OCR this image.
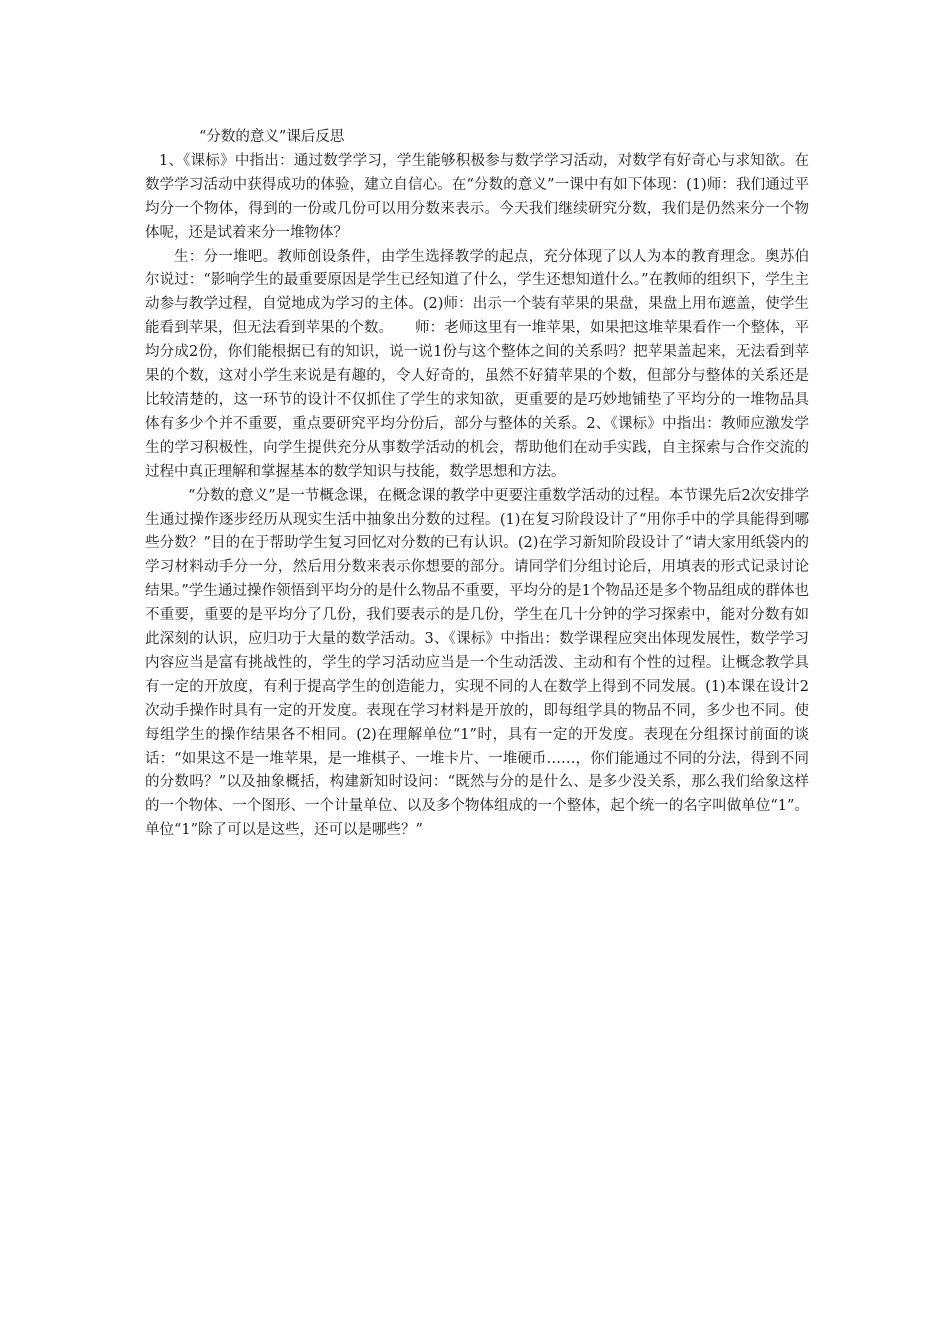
“分数的意义”课后反思

1、《课标》中指出：通过数学学习，学生能够积极参与数学学习活动，对数学有好奇心与求知欲。在数学学习活动中获得成功的体验，建立自信心。在“分数的意义”一课中有如下体现：(1)师：我们通过平均分一个物体，得到的一份或几份可以用分数来表示。今天我们继续研究分数，我们是仍然来分一个物体呢，还是试着来分一堆物体？

生：分一堆吧。教师创设条件，由学生选择教学的起点，充分体现了以人为本的教育理念。奥苏伯尔说过：“影响学生的最重要原因是学生已经知道了什么，学生还想知道什么。”在教师的组织下，学生主动参与教学过程，自觉地成为学习的主体。(2)师：出示一个装有苹果的果盘，果盘上用布遮盖，使学生能看到苹果，但无法看到苹果的个数。　　师：老师这里有一堆苹果，如果把这堆苹果看作一个整体，平均分成2份，你们能根据已有的知识，说一说1份与这个整体之间的关系吗？把苹果盖起来，无法看到苹果的个数，这对小学生来说是有趣的，令人好奇的，虽然不好猜苹果的个数，但部分与整体的关系还是比较清楚的，这一环节的设计不仅抓住了学生的求知欲，更重要的是巧妙地铺垫了平均分的一堆物品具体有多少个并不重要，重点要研究平均分份后，部分与整体的关系。2、《课标》中指出：教师应激发学生的学习积极性，向学生提供充分从事数学活动的机会，帮助他们在动手实践，自主探索与合作交流的过程中真正理解和掌握基本的数学知识与技能，数学思想和方法。

“分数的意义”是一节概念课，在概念课的教学中更要注重数学活动的过程。本节课先后2次安排学生通过操作逐步经历从现实生活中抽象出分数的过程。(1)在复习阶段设计了“用你手中的学具能得到哪些分数？”目的在于帮助学生复习回忆对分数的已有认识。(2)在学习新知阶段设计了“请大家用纸袋内的学习材料动手分一分，然后用分数来表示你想要的部分。请同学们分组讨论后，用填表的形式记录讨论结果。”学生通过操作领悟到平均分的是什么物品不重要，平均分的是1个物品还是多个物品组成的群体也不重要，重要的是平均分了几份，我们要表示的是几份，学生在几十分钟的学习探索中，能对分数有如此深刻的认识，应归功于大量的数学活动。3、《课标》中指出：数学课程应突出体现发展性，数学学习内容应当是富有挑战性的，学生的学习活动应当是一个生动活泼、主动和有个性的过程。让概念教学具有一定的开放度，有利于提高学生的创造能力，实现不同的人在数学上得到不同发展。(1)本课在设计2次动手操作时具有一定的开发度。表现在学习材料是开放的，即每组学具的物品不同，多少也不同。使每组学生的操作结果各不相同。(2)在理解单位“1”时，具有一定的开发度。表现在分组探讨前面的谈话：“如果这不是一堆苹果，是一堆棋子、一堆卡片、一堆硬币……，你们能通过不同的分法，得到不同的分数吗？”以及抽象概括，构建新知时设问：“既然与分的是什么、是多少没关系，那么我们给象这样的一个物体、一个图形、一个计量单位、以及多个物体组成的一个整体，起个统一的名字叫做单位“1”。单位“1”除了可以是这些，还可以是哪些？”
